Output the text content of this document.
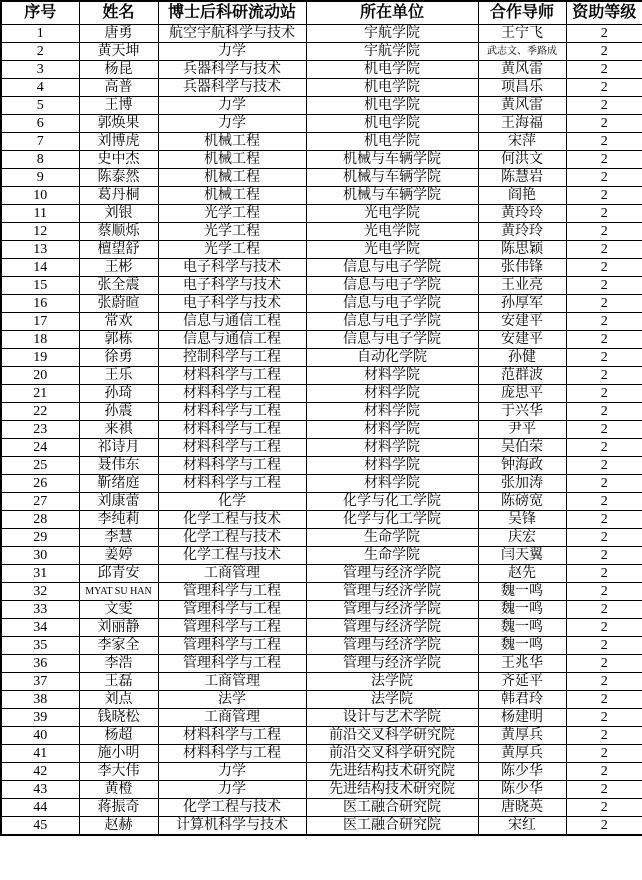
序号	姓名	博士后科研流动站	所在单位	合作导师	资助等级
1	唐勇	航空宇航科学与技术	宇航学院	王宁飞	2
2	黄天坤	力学	宇航学院	武志文、季路成	2
3	杨昆	兵器科学与技术	机电学院	黄风雷	2
4	高普	兵器科学与技术	机电学院	项昌乐	2
5	王博	力学	机电学院	黄风雷	2
6	郭焕果	力学	机电学院	王海福	2
7	刘博虎	机械工程	机电学院	宋萍	2
8	史中杰	机械工程	机械与车辆学院	何洪文	2
9	陈泰然	机械工程	机械与车辆学院	陈慧岩	2
10	葛丹桐	机械工程	机械与车辆学院	阎艳	2
11	刘银	光学工程	光电学院	黄玲玲	2
12	蔡顺烁	光学工程	光电学院	黄玲玲	2
13	檀望舒	光学工程	光电学院	陈思颖	2
14	王彬	电子科学与技术	信息与电子学院	张伟锋	2
15	张全震	电子科学与技术	信息与电子学院	王业亮	2
16	张蔚暄	电子科学与技术	信息与电子学院	孙厚军	2
17	常欢	信息与通信工程	信息与电子学院	安建平	2
18	郭栋	信息与通信工程	信息与电子学院	安建平	2
19	徐勇	控制科学与工程	自动化学院	孙健	2
20	王乐	材料科学与工程	材料学院	范群波	2
21	孙琦	材料科学与工程	材料学院	庞思平	2
22	孙震	材料科学与工程	材料学院	于兴华	2
23	来祺	材料科学与工程	材料学院	尹平	2
24	祁诗月	材料科学与工程	材料学院	吴伯荣	2
25	聂伟东	材料科学与工程	材料学院	钟海政	2
26	靳绪庭	材料科学与工程	材料学院	张加涛	2
27	刘康蕾	化学	化学与化工学院	陈磅宽	2
28	李纯莉	化学工程与技术	化学与化工学院	吴锋	2
29	李慧	化学工程与技术	生命学院	庆宏	2
30	姜婷	化学工程与技术	生命学院	闫天翼	2
31	邱青安	工商管理	管理与经济学院	赵先	2
32	MYAT SU HAN	管理科学与工程	管理与经济学院	魏一鸣	2
33	文雯	管理科学与工程	管理与经济学院	魏一鸣	2
34	刘丽静	管理科学与工程	管理与经济学院	魏一鸣	2
35	李家全	管理科学与工程	管理与经济学院	魏一鸣	2
36	李浩	管理科学与工程	管理与经济学院	王兆华	2
37	王磊	工商管理	法学院	齐延平	2
38	刘点	法学	法学院	韩君玲	2
39	钱晓松	工商管理	设计与艺术学院	杨建明	2
40	杨超	材料科学与工程	前沿交叉科学研究院	黄厚兵	2
41	施小明	材料科学与工程	前沿交叉科学研究院	黄厚兵	2
42	李大伟	力学	先进结构技术研究院	陈少华	2
43	黄橙	力学	先进结构技术研究院	陈少华	2
44	蒋振奇	化学工程与技术	医工融合研究院	唐晓英	2
45	赵赫	计算机科学与技术	医工融合研究院	宋红	2
